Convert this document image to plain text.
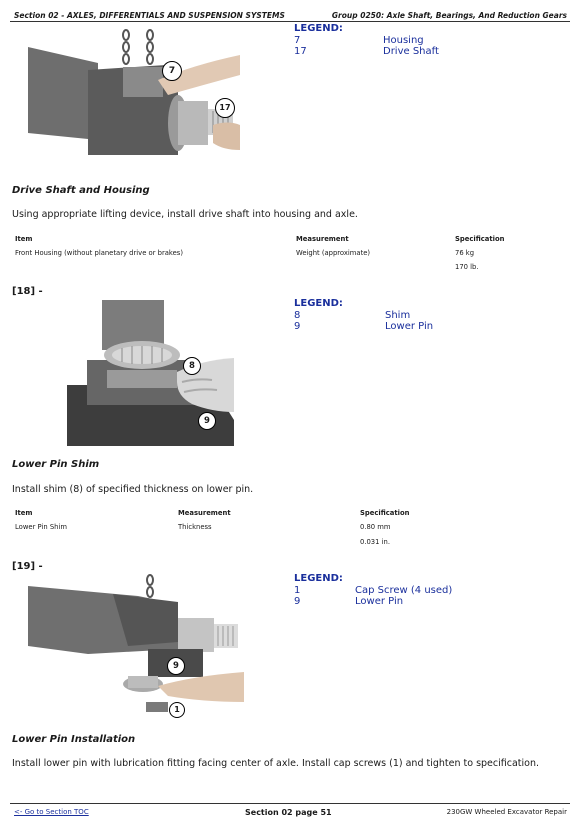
Section 02 - AXLES, DIFFERENTIALS AND SUSPENSION SYSTEMS	Group 0250: Axle Shaft, Bearings, And Reduction Gears
7
17
LEGEND:
7	Housing
17	Drive Shaft
Drive Shaft and Housing
Using appropriate lifting device, install drive shaft into housing and axle.
Item	Measurement	Specification
Front Housing (without planetary drive or brakes)	Weight (approximate)	76 kg
170 lb.
[18] -
8
9
LEGEND:
8	Shim
9	Lower Pin
Lower Pin Shim
Install shim (8) of specified thickness on lower pin.
Item	Measurement	Specification
Lower Pin Shim	Thickness	0.80 mm
0.031 in.
[19] -
9
1
LEGEND:
1	Cap Screw (4 used)
9	Lower Pin
Lower Pin Installation
Install lower pin with lubrication fitting facing center of axle. Install cap screws (1) and tighten to specification.
<- Go to Section TOC	Section 02 page 51	230GW Wheeled Excavator Repair
